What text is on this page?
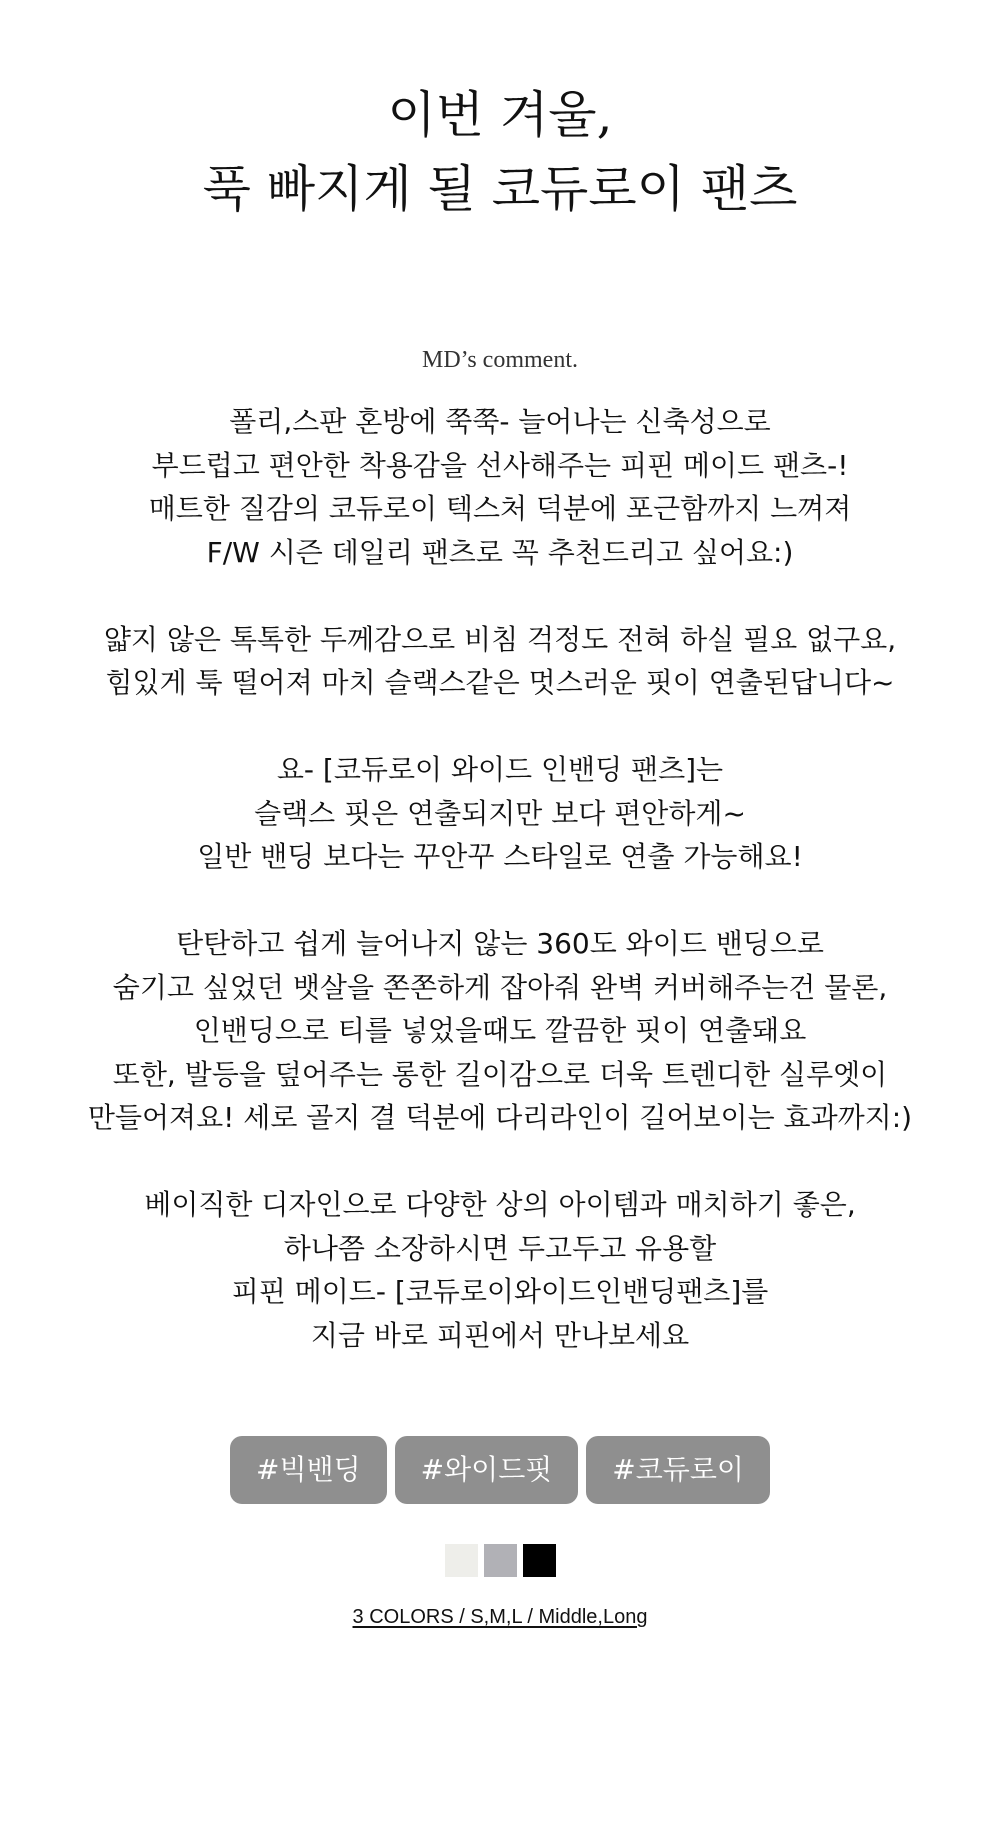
이번 겨울,
푹 빠지게 될 코듀로이 팬츠
MD’s comment.
폴리,스판 혼방에 쭉쭉- 늘어나는 신축성으로
부드럽고 편안한 착용감을 선사해주는 피핀 메이드 팬츠-!
매트한 질감의 코듀로이 텍스처 덕분에 포근함까지 느껴져
F/W 시즌 데일리 팬츠로 꼭 추천드리고 싶어요:)
얇지 않은 톡톡한 두께감으로 비침 걱정도 전혀 하실 필요 없구요,
힘있게 툭 떨어져 마치 슬랙스같은 멋스러운 핏이 연출된답니다~
요- [코듀로이 와이드 인밴딩 팬츠]는
슬랙스 핏은 연출되지만 보다 편안하게~
일반 밴딩 보다는 꾸안꾸 스타일로 연출 가능해요!
탄탄하고 쉽게 늘어나지 않는 360도 와이드 밴딩으로
숨기고 싶었던 뱃살을 쫀쫀하게 잡아줘 완벽 커버해주는건 물론,
인밴딩으로 티를 넣었을때도 깔끔한 핏이 연출돼요
또한, 발등을 덮어주는 롱한 길이감으로 더욱 트렌디한 실루엣이
만들어져요! 세로 골지 결 덕분에 다리라인이 길어보이는 효과까지:)
베이직한 디자인으로 다양한 상의 아이템과 매치하기 좋은,
하나쯤 소장하시면 두고두고 유용할
피핀 메이드- [코듀로이와이드인밴딩팬츠]를
지금 바로 피핀에서 만나보세요
#빅밴딩	#와이드핏	#코듀로이
3 COLORS / S,M,L / Middle,Long
